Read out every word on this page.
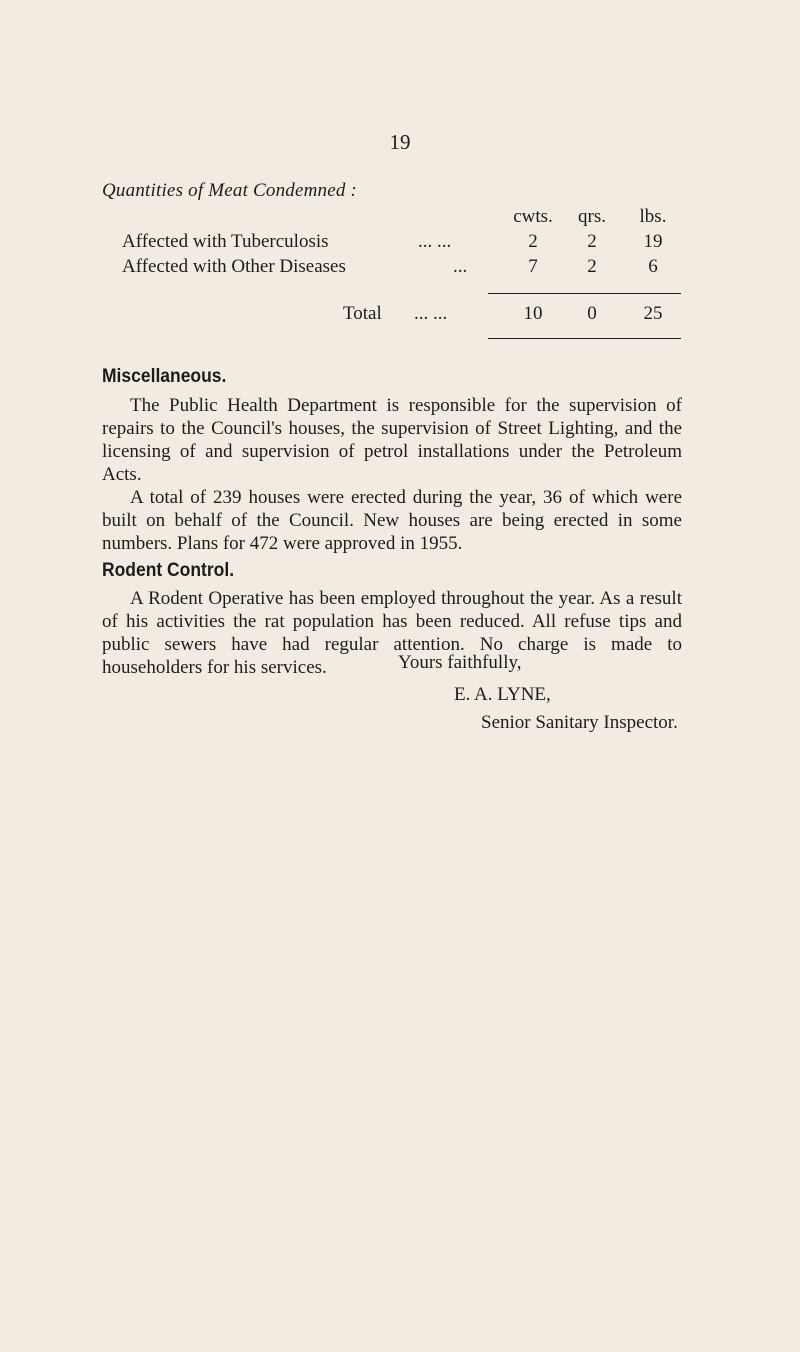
19
Quantities of Meat Condemned :
cwts.	qrs.	lbs.
Affected with Tuberculosis	... ...	2	2	19
Affected with Other Diseases	...	7	2	6
Total ... ...	10	0	25
Miscellaneous.

The Public Health Department is responsible for the supervision of repairs to the Council's houses, the supervision of Street Lighting, and the licensing of and supervision of petrol installations under the Petroleum Acts.

A total of 239 houses were erected during the year, 36 of which were built on behalf of the Council. New houses are being erected in some numbers. Plans for 472 were approved in 1955.

Rodent Control.

A Rodent Operative has been employed throughout the year. As a result of his activities the rat population has been reduced. All refuse tips and public sewers have had regular attention. No charge is made to householders for his services.	Yours faithfully,
E. A. LYNE,
Senior Sanitary Inspector.
